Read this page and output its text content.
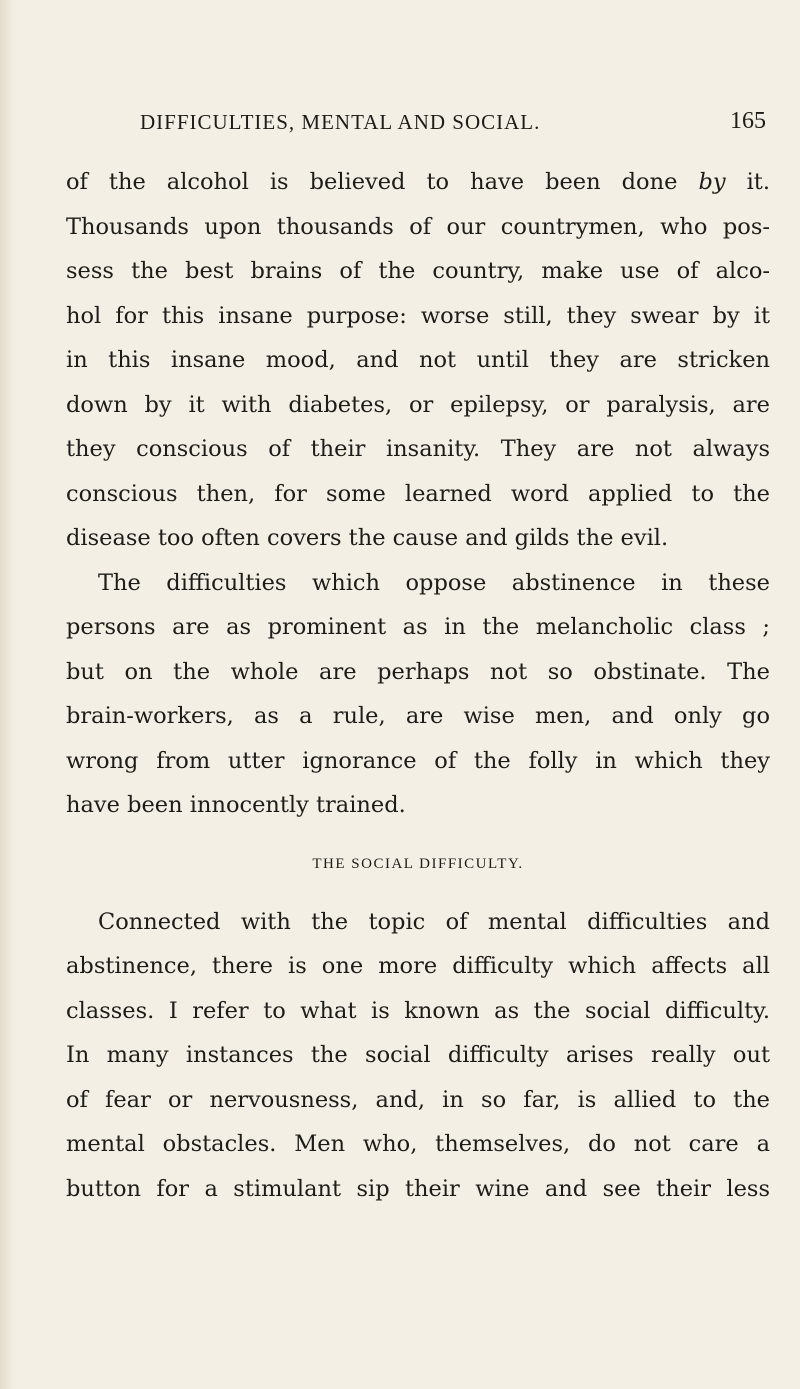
DIFFICULTIES, MENTAL AND SOCIAL.	165
of the alcohol is believed to have been done by it.
Thousands upon thousands of our countrymen, who pos-
sess the best brains of the country, make use of alco-
hol for this insane purpose: worse still, they swear by it
in this insane mood, and not until they are stricken
down by it with diabetes, or epilepsy, or paralysis, are
they conscious of their insanity. They are not always
conscious then, for some learned word applied to the
disease too often covers the cause and gilds the evil.
The difficulties which oppose abstinence in these
persons are as prominent as in the melancholic class ;
but on the whole are perhaps not so obstinate. The
brain-workers, as a rule, are wise men, and only go
wrong from utter ignorance of the folly in which they
have been innocently trained.
THE SOCIAL DIFFICULTY.
Connected with the topic of mental difficulties and
abstinence, there is one more difficulty which affects all
classes. I refer to what is known as the social difficulty.
In many instances the social difficulty arises really out
of fear or nervousness, and, in so far, is allied to the
mental obstacles. Men who, themselves, do not care a
button for a stimulant sip their wine and see their less
